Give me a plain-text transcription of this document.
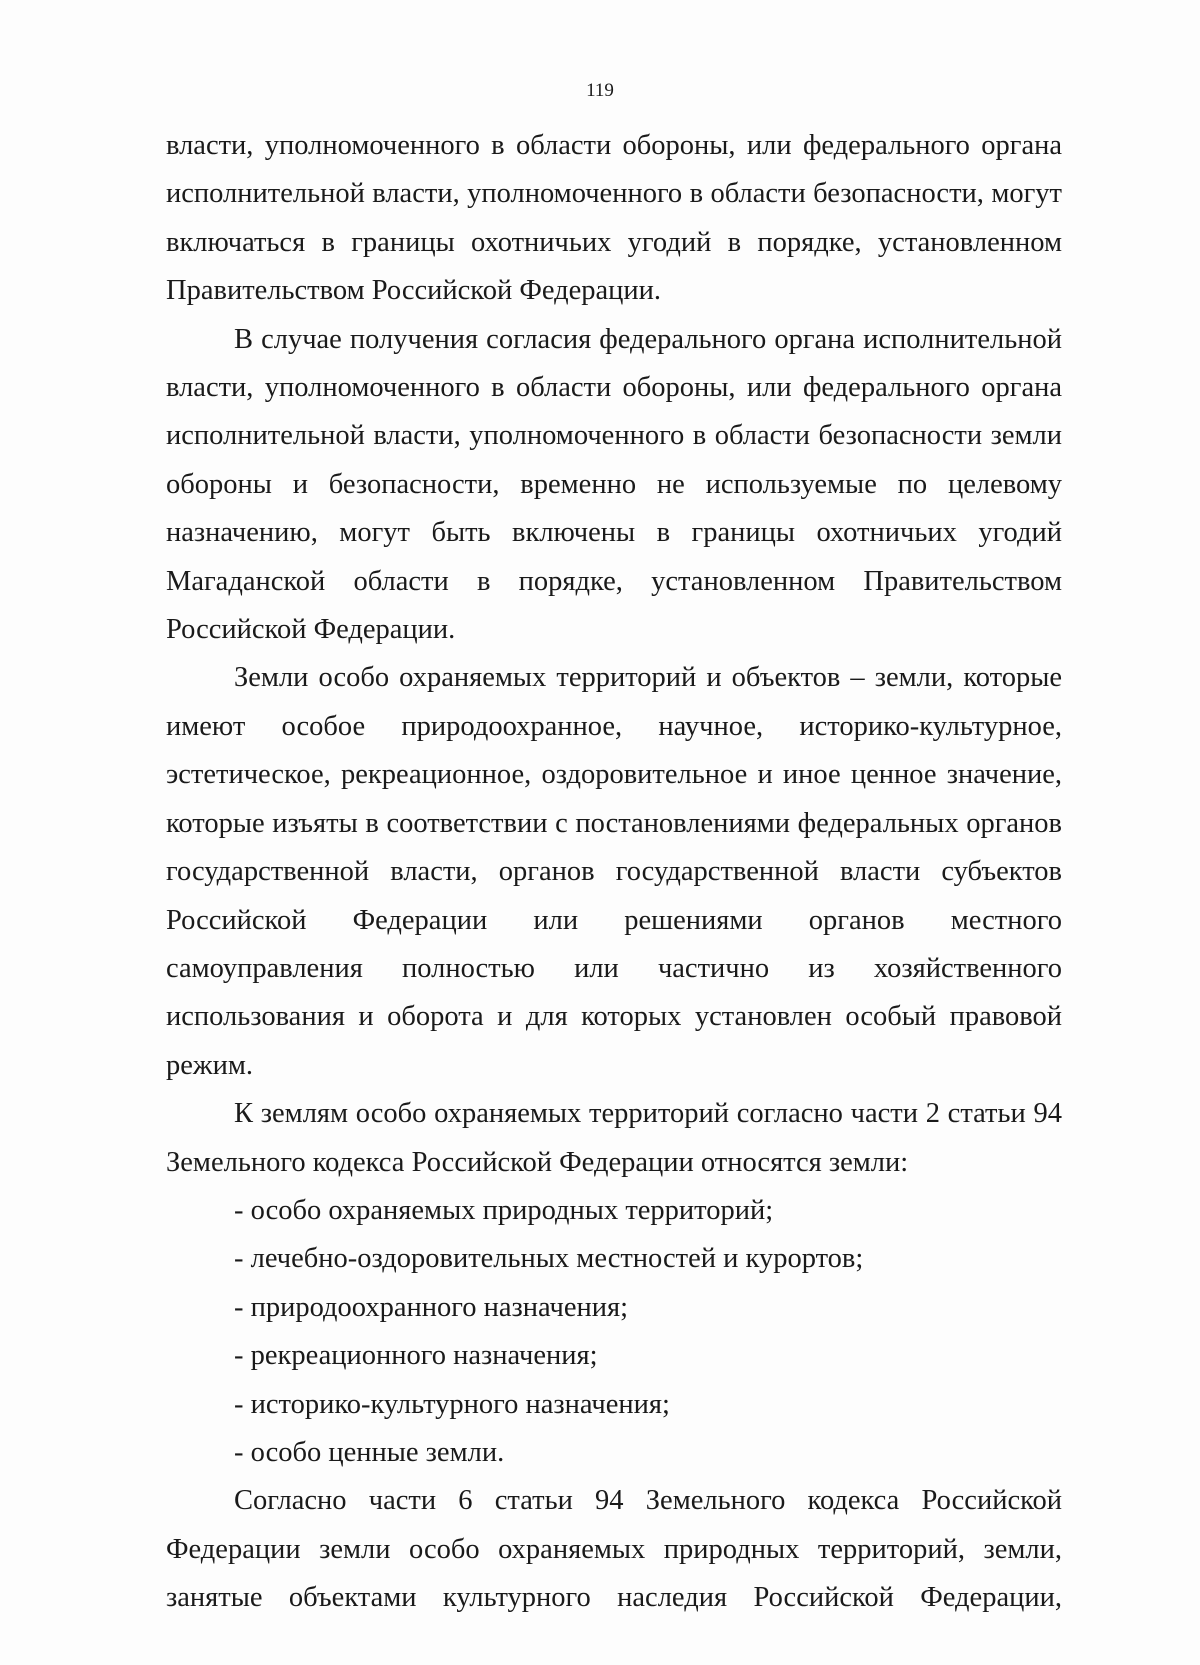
119

власти, уполномоченного в области обороны, или федерального органа исполнительной власти, уполномоченного в области безопасности, могут включаться в границы охотничьих угодий в порядке, установленном Правительством Российской Федерации.

В случае получения согласия федерального органа исполнительной власти, уполномоченного в области обороны, или федерального органа исполнительной власти, уполномоченного в области безопасности земли обороны и безопасности, временно не используемые по целевому назначению, могут быть включены в границы охотничьих угодий Магаданской области в порядке, установленном Правительством Российской Федерации.

Земли особо охраняемых территорий и объектов – земли, которые имеют особое природоохранное, научное, историко-культурное, эстетическое, рекреационное, оздоровительное и иное ценное значение, которые изъяты в соответствии с постановлениями федеральных органов государственной власти, органов государственной власти субъектов Российской Федерации или решениями органов местного самоуправления полностью или частично из хозяйственного использования и оборота и для которых установлен особый правовой режим.

К землям особо охраняемых территорий согласно части 2 статьи 94 Земельного кодекса Российской Федерации относятся земли:

- особо охраняемых природных территорий;

- лечебно-оздоровительных местностей и курортов;

- природоохранного назначения;

- рекреационного назначения;

- историко-культурного назначения;

- особо ценные земли.

Согласно части 6 статьи 94 Земельного кодекса Российской Федерации земли особо охраняемых природных территорий, земли, занятые объектами культурного наследия Российской Федерации,
